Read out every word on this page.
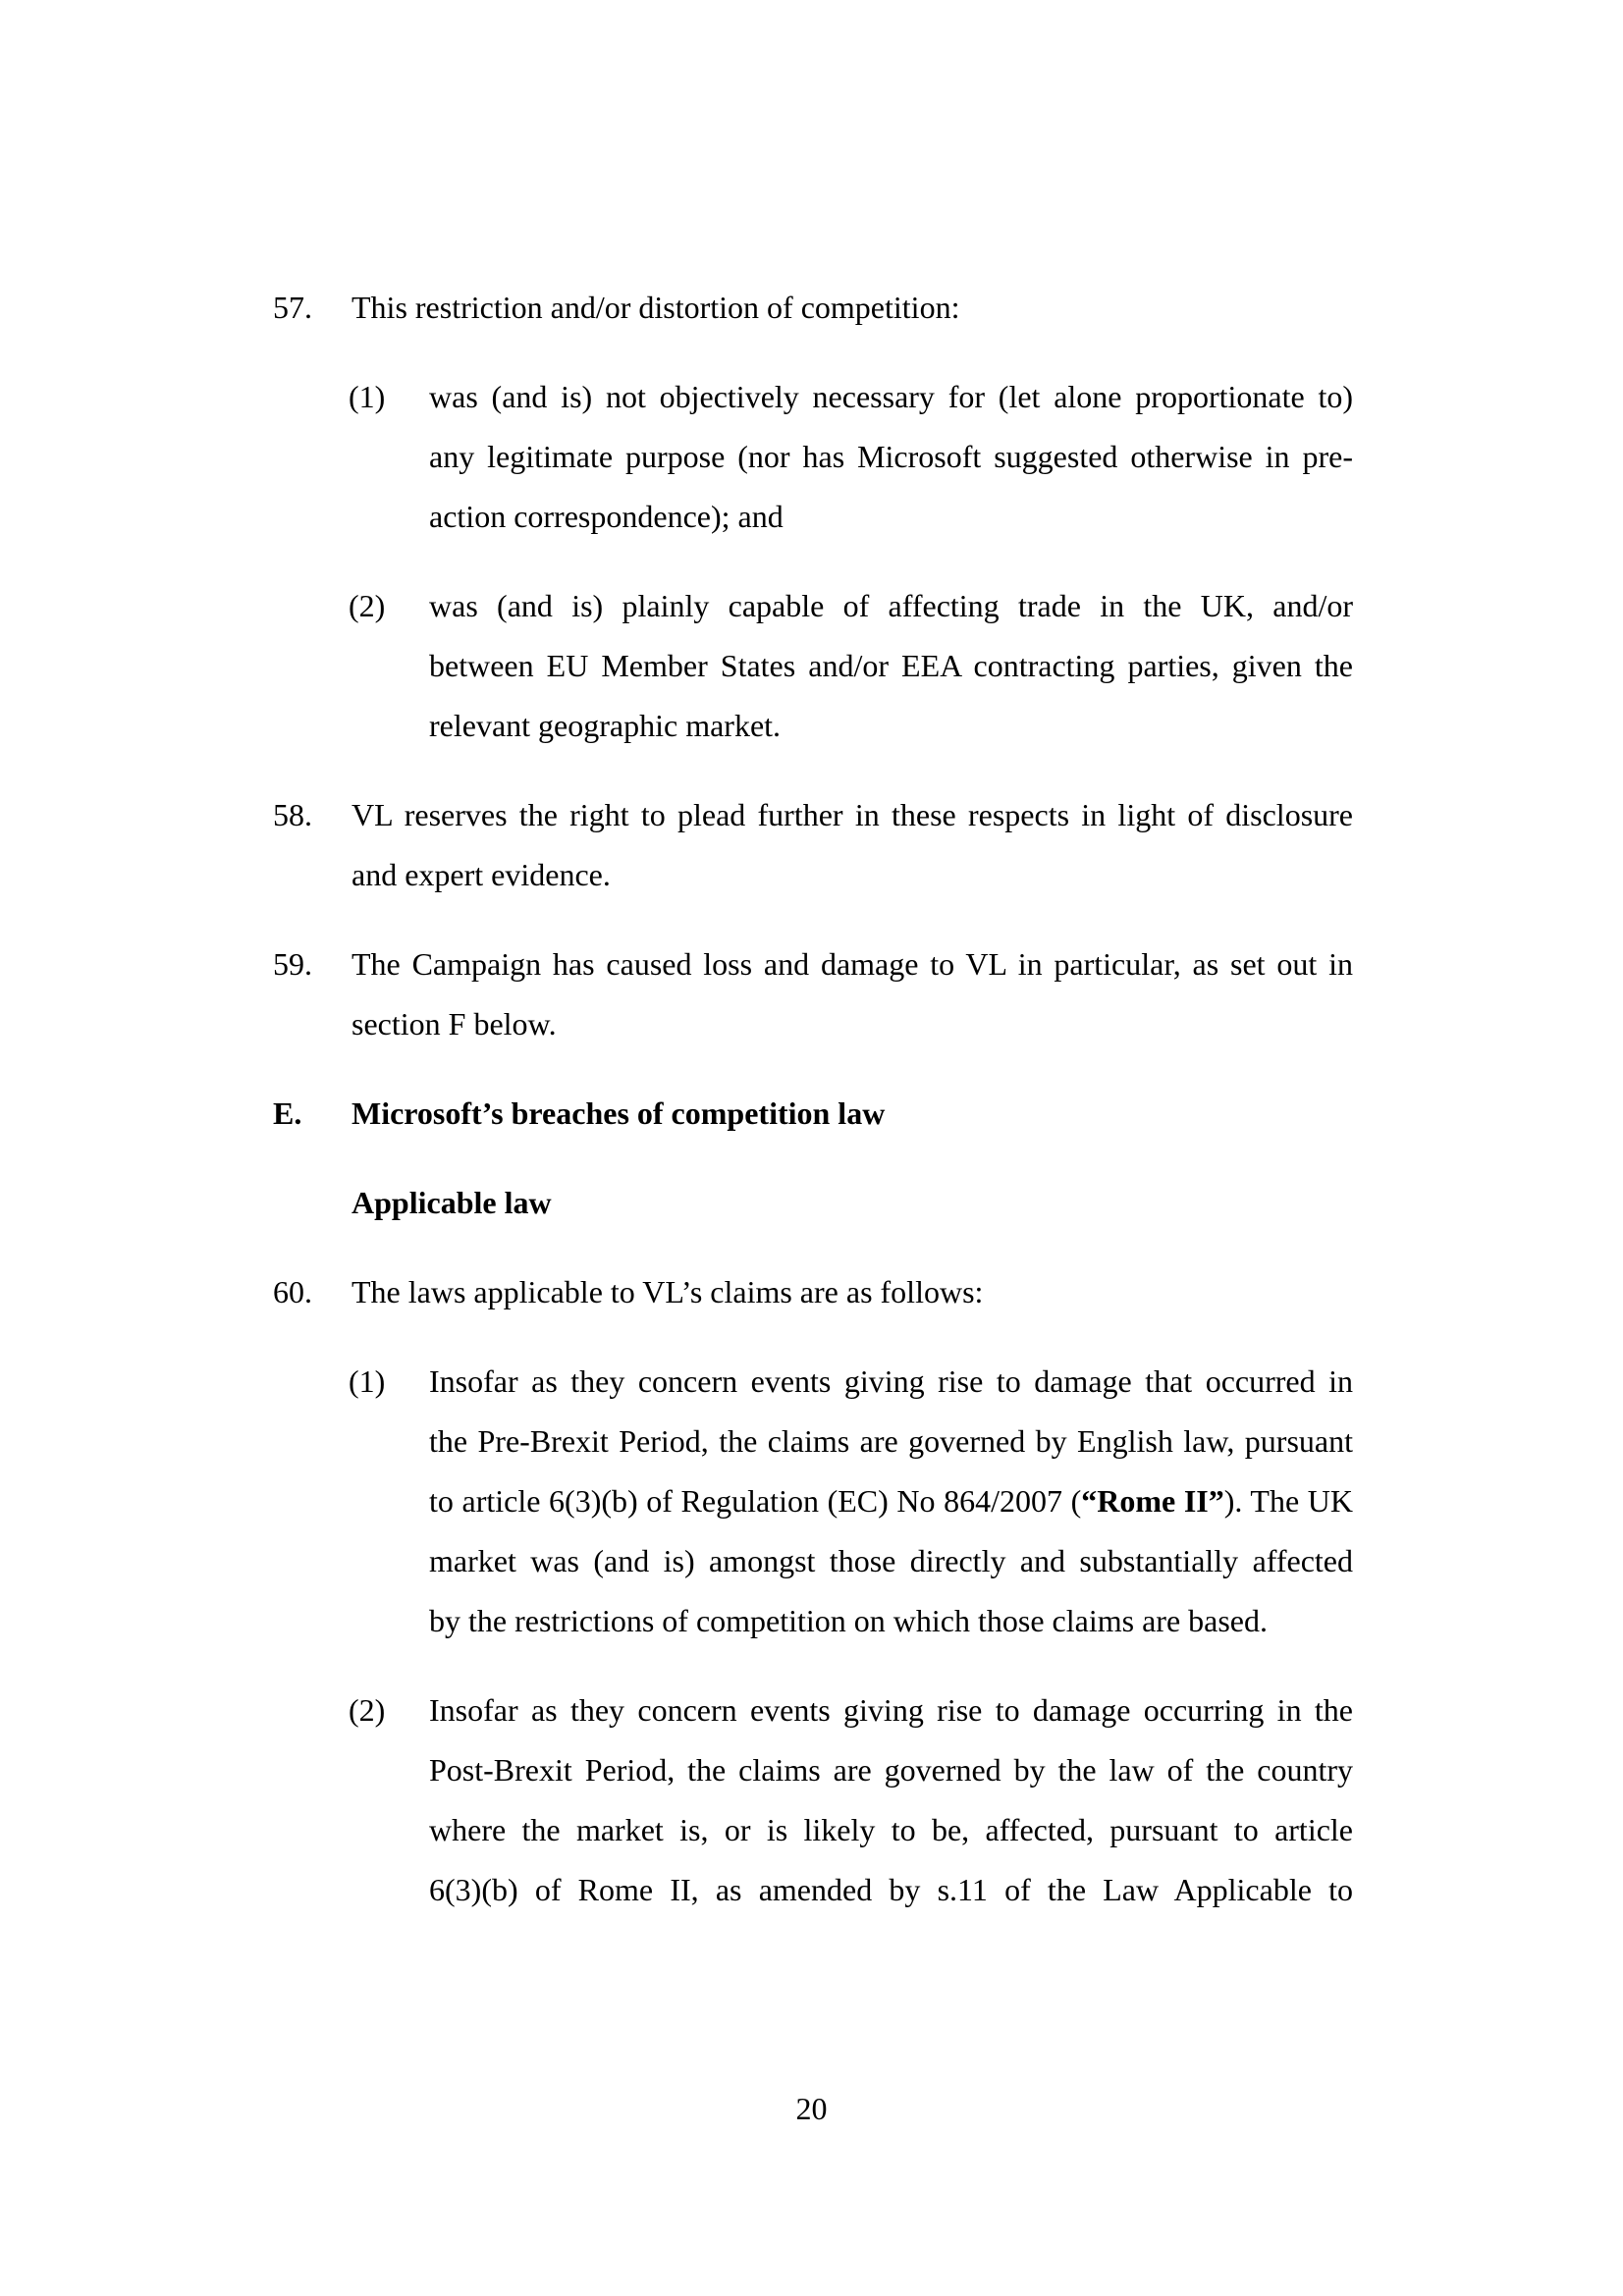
57. This restriction and/or distortion of competition:
(1) was (and is) not objectively necessary for (let alone proportionate to)
any legitimate purpose (nor has Microsoft suggested otherwise in pre-
action correspondence); and
(2) was (and is) plainly capable of affecting trade in the UK, and/or
between EU Member States and/or EEA contracting parties, given the
relevant geographic market.
58. VL reserves the right to plead further in these respects in light of disclosure
and expert evidence.
59. The Campaign has caused loss and damage to VL in particular, as set out in
section F below.
E. Microsoft’s breaches of competition law
Applicable law
60. The laws applicable to VL’s claims are as follows:
(1) Insofar as they concern events giving rise to damage that occurred in
the Pre-Brexit Period, the claims are governed by English law, pursuant
to article 6(3)(b) of Regulation (EC) No 864/2007 (“Rome II”). The UK
market was (and is) amongst those directly and substantially affected
by the restrictions of competition on which those claims are based.
(2) Insofar as they concern events giving rise to damage occurring in the
Post-Brexit Period, the claims are governed by the law of the country
where the market is, or is likely to be, affected, pursuant to article
6(3)(b) of Rome II, as amended by s.11 of the Law Applicable to
20
